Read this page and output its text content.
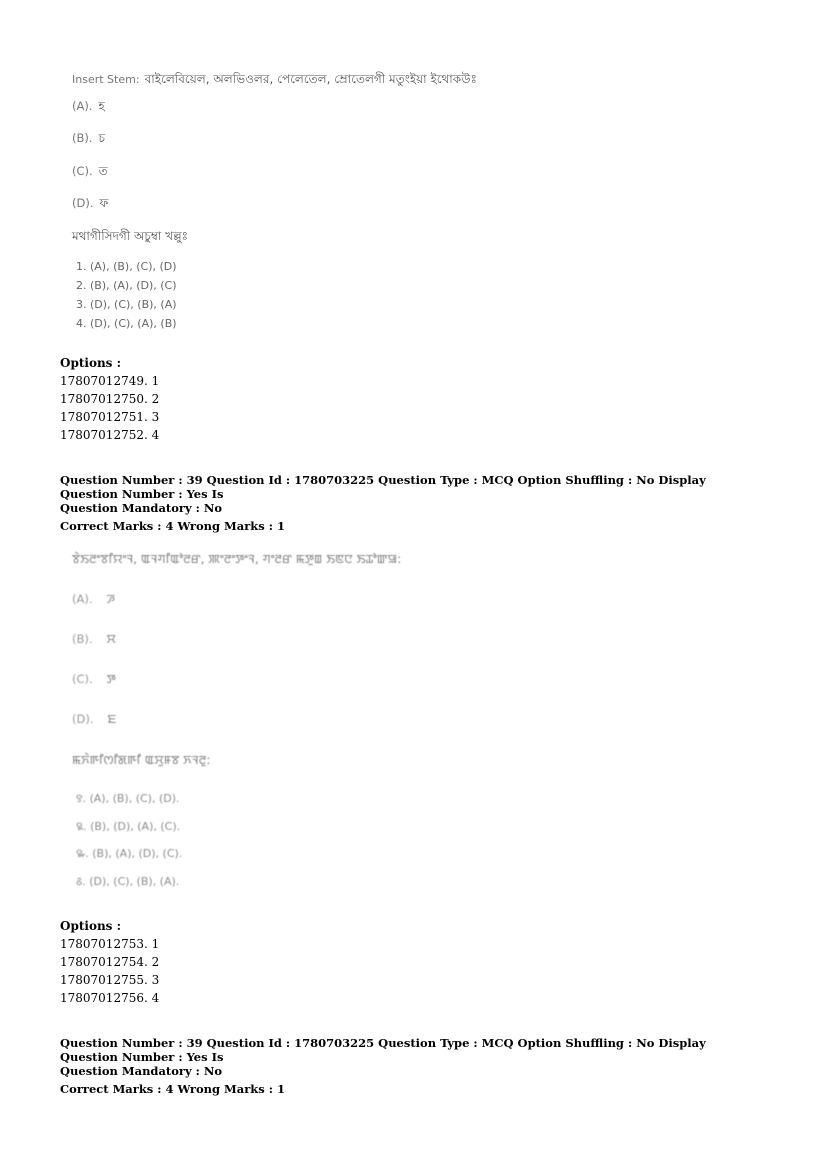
Insert Stem: বাইলেবিয়েল, অলভিওলর, পেলেতেল, ম্রোতেলগী মতুংইয়া ইথোকউঃ
(A). হ
(B). চ
(C). ত
(D). ফ
মথাগীসিদগী অচুম্বা খল্লুঃ
1. (A), (B), (C), (D)
2. (B), (A), (D), (C)
3. (D), (C), (B), (A)
4. (D), (C), (A), (B)
Options :
17807012749. 1
17807012750. 2
17807012751. 3
17807012752. 4
Question Number : 39 Question Id : 1780703225 Question Type : MCQ Option Shuffling : No Display Question Number : Yes Is
Question Mandatory : No
Correct Marks : 4 Wrong Marks : 1
ꯕꯥꯏꯂꯦꯕꯤꯌꯦꯜ, ꯑꯜꯚꯤꯑꯣꯂꯔ, ꯄꯦꯂꯦꯇꯦꯜ, ꯚꯦꯂꯔ ꯃꯇꯨꯡ ꯏꯟꯅ ꯏꯊꯣꯛꯎ:
(A). ꯍ
(B). ꯆ
(C). ꯇ
(D). ꯐ
ꯃꯈꯥꯒꯤꯁꯤꯗꯒꯤ ꯑꯆꯨꯝꯕ ꯈꯜꯂꯨ:
꯱. (A), (B), (C), (D).
꯲. (B), (D), (A), (C).
꯳. (B), (A), (D), (C).
꯴. (D), (C), (B), (A).
Options :
17807012753. 1
17807012754. 2
17807012755. 3
17807012756. 4
Question Number : 39 Question Id : 1780703225 Question Type : MCQ Option Shuffling : No Display Question Number : Yes Is
Question Mandatory : No
Correct Marks : 4 Wrong Marks : 1
